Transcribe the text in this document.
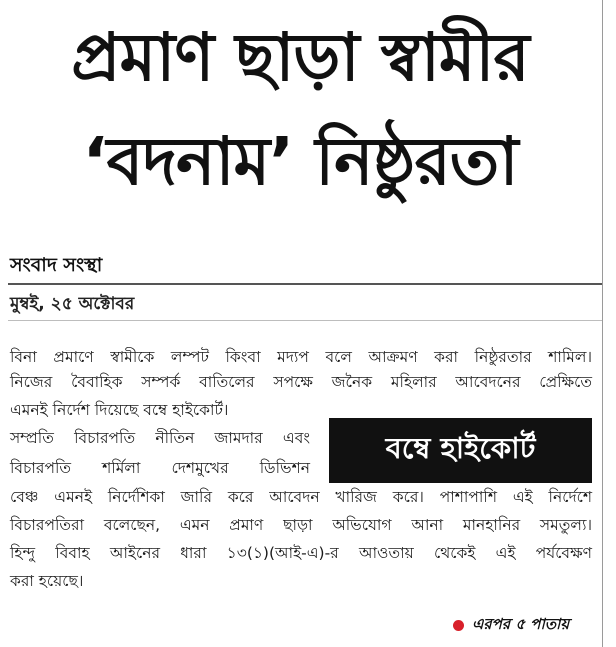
প্রমাণ ছাড়া স্বামীর
‘বদনাম’ নিষ্ঠুরতা
সংবাদ সংস্থা
মুম্বই, ২৫ অক্টোবর
বিনা প্রমাণে স্বামীকে লম্পট কিংবা মদ্যপ বলে আক্রমণ করা নিষ্ঠুরতার শামিল।
নিজের বৈবাহিক সম্পর্ক বাতিলের সপক্ষে জনৈক মহিলার আবেদনের প্রেক্ষিতে
এমনই নির্দেশ দিয়েছে বম্বে হাইকোর্ট।
সম্প্রতি বিচারপতি নীতিন জামদার এবং
বিচারপতি শর্মিলা দেশমুখের ডিভিশন
বম্বে হাইকোর্ট
বেঞ্চ এমনই নির্দেশিকা জারি করে আবেদন খারিজ করে। পাশাপাশি এই নির্দেশে
বিচারপতিরা বলেছেন, এমন প্রমাণ ছাড়া অভিযোগ আনা মানহানির সমতুল্য।
হিন্দু বিবাহ আইনের ধারা ১৩(১)(আই-এ)-র আওতায় থেকেই এই পর্যবেক্ষণ
করা হয়েছে।
এরপর ৫ পাতায়
